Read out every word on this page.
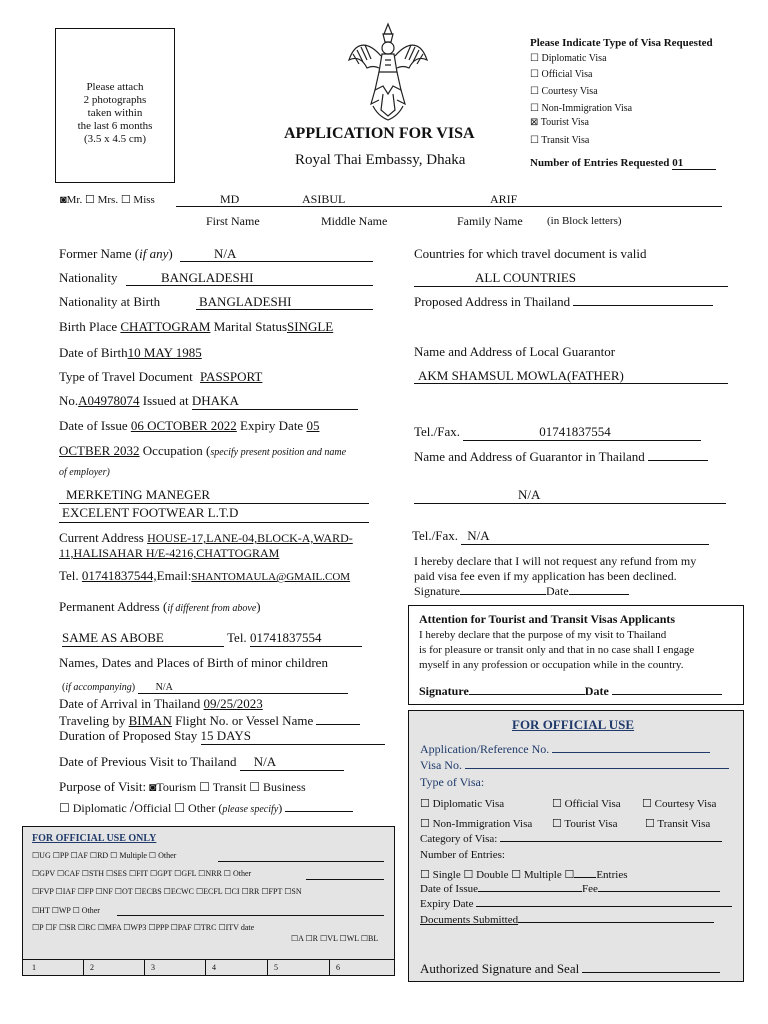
Please attach
2 photographs
taken within
the last 6 months
(3.5 x 4.5 cm)	APPLICATION FOR VISA
Royal Thai Embassy, Dhaka
Please Indicate Type of Visa Requested
☐ Diplomatic Visa
☐ Official Visa
☐ Courtesy Visa
☐ Non-Immigration Visa
⊠ Tourist Visa
☐ Transit Visa
Number of Entries Requested 01
◙Mr. ☐ Mrs. ☐ Miss	MD	ASIBUL	ARIF
First Name	Middle Name	Family Name (in Block letters)
Former Name (if any)	N/A
Nationality	BANGLADESHI
Nationality at Birth	BANGLADESHI
Birth Place CHATTOGRAM Marital StatusSINGLE
Date of Birth10 MAY 1985
Type of Travel Document PASSPORT
No.A04978074 Issued at DHAKA
Date of Issue 06 OCTOBER 2022 Expiry Date 05
OCTBER 2032 Occupation (specify present position and name
of employer)
MERKETING MANEGER
EXCELENT FOOTWEAR L.T.D
Current Address HOUSE-17,LANE-04,BLOCK-A,WARD-
11,HALISAHAR H/E-4216,CHATTOGRAM
Tel. 01741837544,Email:SHANTOMAULA@GMAIL.COM
Permanent Address (if different from above)
SAME AS ABOBE	Tel. 01741837554
Names, Dates and Places of Birth of minor children
(if accompanying) N/A
Date of Arrival in Thailand 09/25/2023
Traveling by BIMAN Flight No. or Vessel Name
Duration of Proposed Stay 15 DAYS
Date of Previous Visit to Thailand N/A
Purpose of Visit: ◙Tourism ☐ Transit ☐ Business
☐ Diplomatic /Official ☐ Other (please specify)
FOR OFFICIAL USE ONLY
☐UG ☐PP ☐AF ☐RD ☐ Multiple ☐ Other
☐GPV ☐CAF ☐STH ☐SES ☐FIT ☐GPT ☐GFL ☐NRR ☐ Other
☐FVP ☐IAF ☐FP ☐NF ☐OT ☐ECBS ☐ECWC ☐ECFL ☐CI ☐RR ☐FPT ☐SN
☐HT ☐WP ☐ Other
☐P ☐F ☐SR ☐RC ☐MFA ☐WP3 ☐PPP ☐PAF ☐TRC ☐ITV date
☐A ☐R ☐VL ☐WL ☐BL
1	2	3	4	5	6
Countries for which travel document is valid
ALL COUNTRIES
Proposed Address in Thailand
Name and Address of Local Guarantor
AKM SHAMSUL MOWLA(FATHER)
Tel./Fax.	01741837554
Name and Address of Guarantor in Thailand
N/A
Tel./Fax. N/A
I hereby declare that I will not request any refund from my
paid visa fee even if my application has been declined.
Signature	Date
Attention for Tourist and Transit Visas Applicants
I hereby declare that the purpose of my visit to Thailand
is for pleasure or transit only and that in no case shall I engage
myself in any profession or occupation while in the country.
Signature	Date
FOR OFFICIAL USE
Application/Reference No.
Visa No.
Type of Visa:
☐ Diplomatic Visa	☐ Official Visa ☐ Courtesy Visa
☐ Non-Immigration Visa ☐ Tourist Visa	☐ Transit Visa
Category of Visa:
Number of Entries:
☐ Single ☐ Double ☐ Multiple ☐ Entries
Date of Issue	Fee
Expiry Date
Documents Submitted
Authorized Signature and Seal
